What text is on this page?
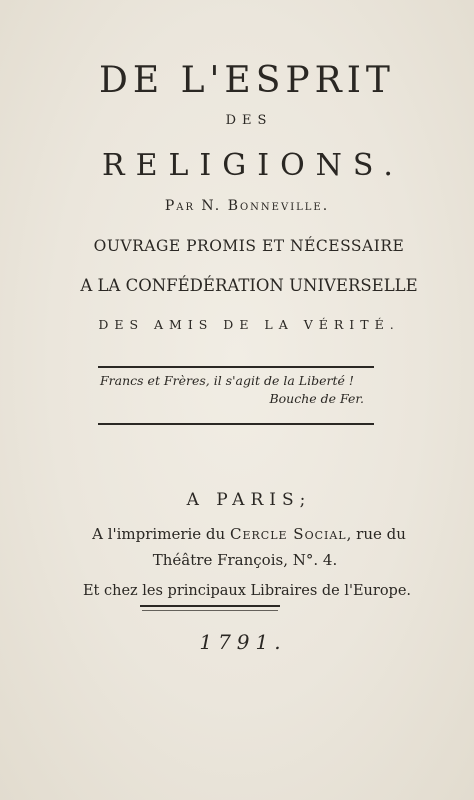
DE L'ESPRIT
DES
RELIGIONS.
Par N. Bonneville.
OUVRAGE PROMIS ET NÉCESSAIRE
A LA CONFÉDÉRATION UNIVERSELLE
DES AMIS DE LA VÉRITÉ.
Francs et Frères, il s'agit de la Liberté !
Bouche de Fer.
A PARIS;
A l'imprimerie du Cercle Social, rue du
Théâtre François, N°. 4.
Et chez les principaux Libraires de l'Europe.
1791.
